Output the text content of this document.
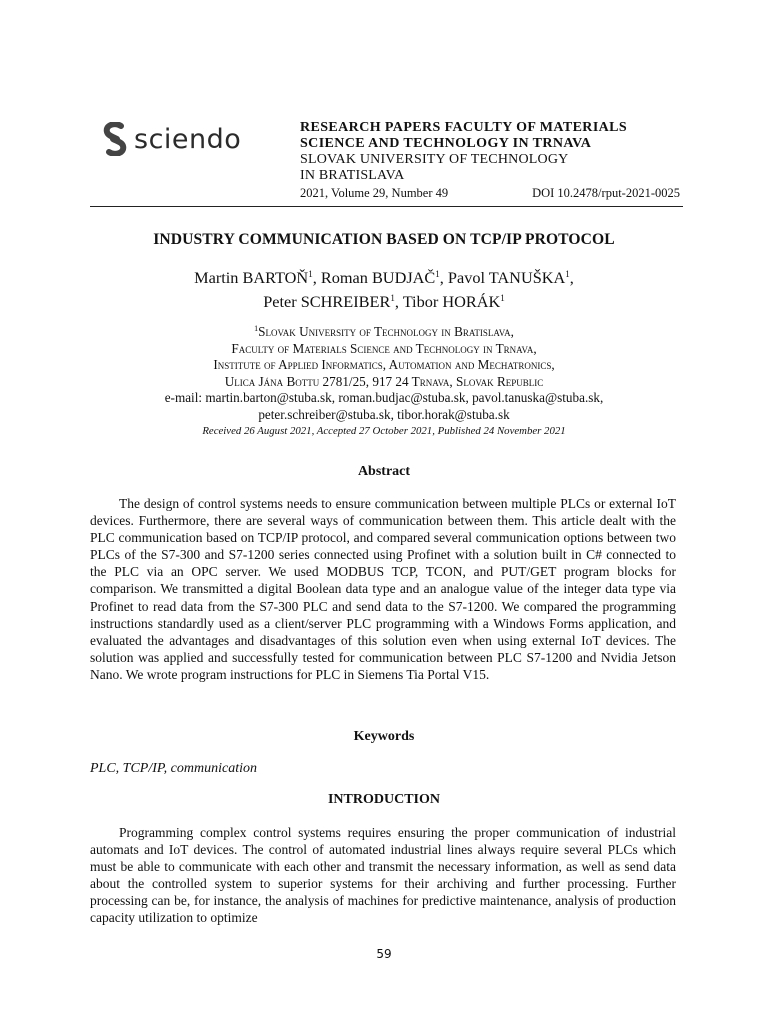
sciendo	RESEARCH PAPERS FACULTY OF MATERIALS
SCIENCE AND TECHNOLOGY IN TRNAVA
SLOVAK UNIVERSITY OF TECHNOLOGY
IN BRATISLAVA
2021, Volume 29, Number 49	DOI 10.2478/rput-2021-0025
INDUSTRY COMMUNICATION BASED ON TCP/IP PROTOCOL
Martin BARTOŇ$^1$, Roman BUDJAČ$^1$, Pavol TANUŠKA$^1$,
Peter SCHREIBER$^1$, Tibor HORÁK$^1$
$^1$Slovak University of Technology in Bratislava,
Faculty of Materials Science and Technology in Trnava,
Institute of Applied Informatics, Automation and Mechatronics,
Ulica Jána Bottu 2781/25, 917 24 Trnava, Slovak Republic
e-mail: martin.barton@stuba.sk, roman.budjac@stuba.sk, pavol.tanuska@stuba.sk,
peter.schreiber@stuba.sk, tibor.horak@stuba.sk
Received 26 August 2021, Accepted 27 October 2021, Published 24 November 2021
Abstract
The design of control systems needs to ensure communication between multiple PLCs or external IoT devices. Furthermore, there are several ways of communication between them. This article dealt with the PLC communication based on TCP/IP protocol, and compared several communication options between two PLCs of the S7-300 and S7-1200 series connected using Profinet with a solution built in C# connected to the PLC via an OPC server. We used MODBUS TCP, TCON, and PUT/GET program blocks for comparison. We transmitted a digital Boolean data type and an analogue value of the integer data type via Profinet to read data from the S7-300 PLC and send data to the S7-1200. We compared the programming instructions standardly used as a client/server PLC programming with a Windows Forms application, and evaluated the advantages and disadvantages of this solution even when using external IoT devices. The solution was applied and successfully tested for communication between PLC S7-1200 and Nvidia Jetson Nano. We wrote program instructions for PLC in Siemens Tia Portal V15.
Keywords
PLC, TCP/IP, communication
INTRODUCTION
Programming complex control systems requires ensuring the proper communication of industrial automats and IoT devices. The control of automated industrial lines always require several PLCs which must be able to communicate with each other and transmit the necessary information, as well as send data about the controlled system to superior systems for their archiving and further processing. Further processing can be, for instance, the analysis of machines for predictive maintenance, analysis of production capacity utilization to optimize
59
